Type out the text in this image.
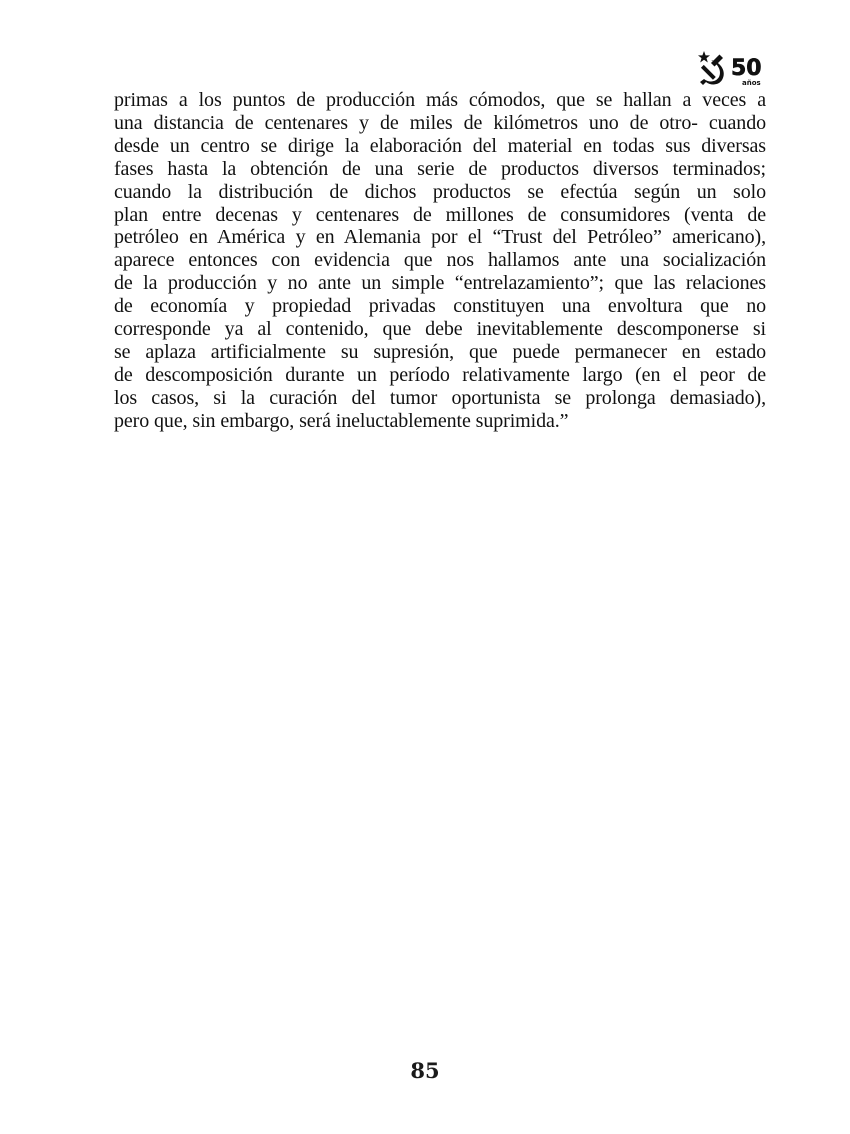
50
años
primas a los puntos de producción más cómodos, que se hallan a veces a
una distancia de centenares y de miles de kilómetros uno de otro- cuando
desde un centro se dirige la elaboración del material en todas sus diversas
fases hasta la obtención de una serie de productos diversos terminados;
cuando la distribución de dichos productos se efectúa según un solo
plan entre decenas y centenares de millones de consumidores (venta de
petróleo en América y en Alemania por el “Trust del Petróleo” americano),
aparece entonces con evidencia que nos hallamos ante una socialización
de la producción y no ante un simple “entrelazamiento”; que las relaciones
de economía y propiedad privadas constituyen una envoltura que no
corresponde ya al contenido, que debe inevitablemente descomponerse si
se aplaza artificialmente su supresión, que puede permanecer en estado
de descomposición durante un período relativamente largo (en el peor de
los casos, si la curación del tumor oportunista se prolonga demasiado),
pero que, sin embargo, será ineluctablemente suprimida.”
85
